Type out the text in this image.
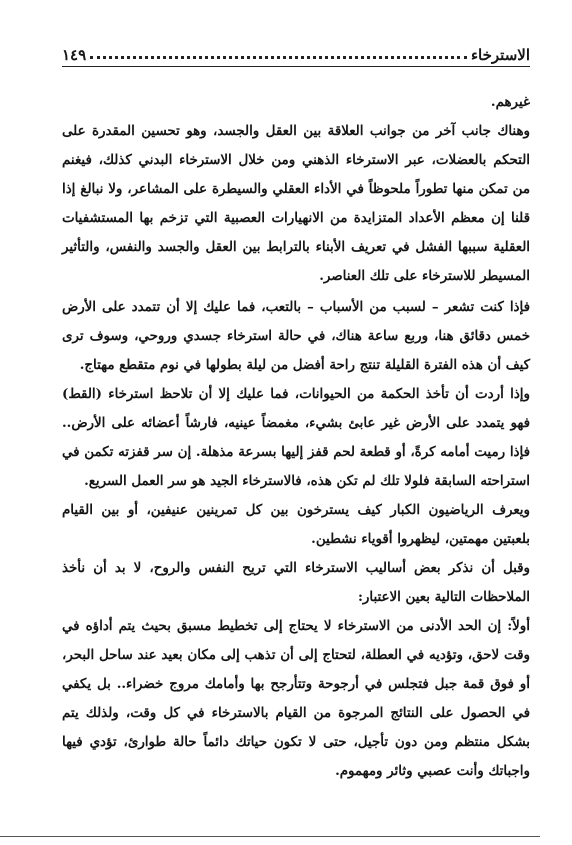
الاسترخاء
١٤٩

غيرهم.

وهناك جانب آخر من جوانب العلاقة بين العقل والجسد، وهو تحسين المقدرة على التحكم بالعضلات، عبر الاسترخاء الذهني ومن خلال الاسترخاء البدني كذلك، فيغنم من تمكن منها تطوراً ملحوظاً في الأداء العقلي والسيطرة على المشاعر، ولا نبالغ إذا قلنا إن معظم الأعداد المتزايدة من الانهيارات العصبية التي تزخم بها المستشفيات العقلية سببها الفشل في تعريف الأبناء بالترابط بين العقل والجسد والنفس، والتأثير المسيطر للاسترخاء على تلك العناصر.

فإذا كنت تشعر – لسبب من الأسباب – بالتعب، فما عليك إلا أن تتمدد على الأرض خمس دقائق هنا، وربع ساعة هناك، في حالة استرخاء جسدي وروحي، وسوف ترى كيف أن هذه الفترة القليلة تنتج راحة أفضل من ليلة بطولها في نوم متقطع مهتاج.

وإذا أردت أن تأخذ الحكمة من الحيوانات، فما عليك إلا أن تلاحظ استرخاء (القط) فهو يتمدد على الأرض غير عابئ بشيء، مغمضاً عينيه، فارشاً أعضائه على الأرض.. فإذا رميت أمامه كرةً، أو قطعة لحم قفز إليها بسرعة مذهلة. إن سر قفزته تكمن في استراحته السابقة فلولا تلك لم تكن هذه، فالاسترخاء الجيد هو سر العمل السريع.

ويعرف الرياضيون الكبار كيف يسترخون بين كل تمرينين عنيفين، أو بين القيام بلعبتين مهمتين، ليظهروا أقوياء نشطين.

وقبل أن نذكر بعض أساليب الاسترخاء التي تريح النفس والروح، لا بد أن نأخذ الملاحظات التالية بعين الاعتبار:

أولاً: إن الحد الأدنى من الاسترخاء لا يحتاج إلى تخطيط مسبق بحيث يتم أداؤه في وقت لاحق، وتؤديه في العطلة، لتحتاج إلى أن تذهب إلى مكان بعيد عند ساحل البحر، أو فوق قمة جبل فتجلس في أرجوحة وتتأرجح بها وأمامك مروج خضراء.. بل يكفي في الحصول على النتائج المرجوة من القيام بالاسترخاء في كل وقت، ولذلك يتم بشكل منتظم ومن دون تأجيل، حتى لا تكون حياتك دائماً حالة طوارئ، تؤدي فيها واجباتك وأنت عصبي وثائر ومهموم.
